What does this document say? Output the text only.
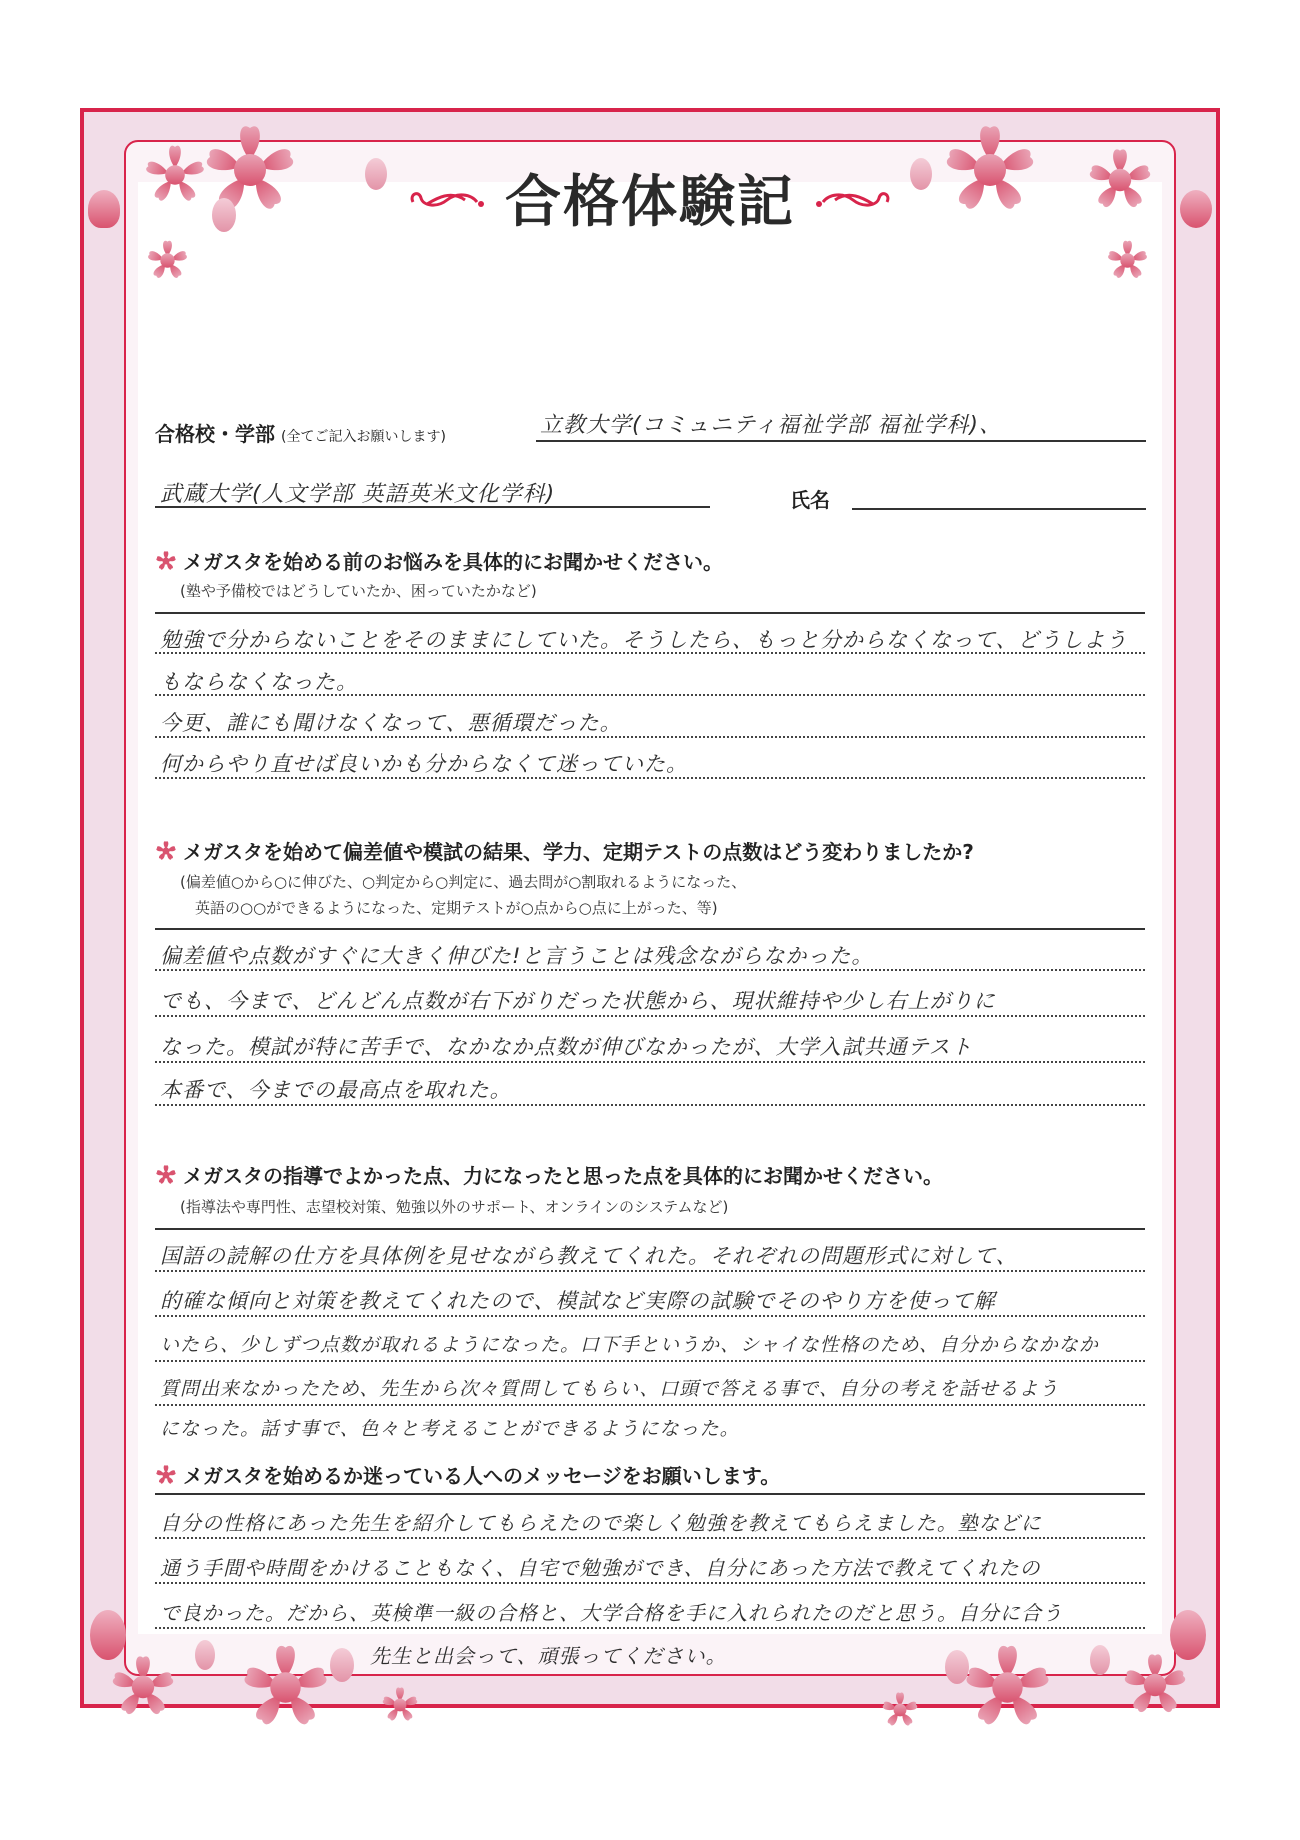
合格体験記
合格校・学部 (全てご記入お願いします)	立教大学(コミュニティ福祉学部 福祉学科)、
武蔵大学(人文学部 英語英米文化学科)	氏名
メガスタを始める前のお悩みを具体的にお聞かせください。
(塾や予備校ではどうしていたか、困っていたかなど)
勉強で分からないことをそのままにしていた。そうしたら、もっと分からなくなって、どうしよう
もならなくなった。
今更、誰にも聞けなくなって、悪循環だった。
何からやり直せば良いかも分からなくて迷っていた。
メガスタを始めて偏差値や模試の結果、学力、定期テストの点数はどう変わりましたか?
(偏差値○から○に伸びた、○判定から○判定に、過去問が○割取れるようになった、
英語の○○ができるようになった、定期テストが○点から○点に上がった、等)
偏差値や点数がすぐに大きく伸びた!と言うことは残念ながらなかった。
でも、今まで、どんどん点数が右下がりだった状態から、現状維持や少し右上がりに
なった。模試が特に苦手で、なかなか点数が伸びなかったが、大学入試共通テスト
本番で、今までの最高点を取れた。
メガスタの指導でよかった点、力になったと思った点を具体的にお聞かせください。
(指導法や専門性、志望校対策、勉強以外のサポート、オンラインのシステムなど)
国語の読解の仕方を具体例を見せながら教えてくれた。それぞれの問題形式に対して、
的確な傾向と対策を教えてくれたので、模試など実際の試験でそのやり方を使って解
いたら、少しずつ点数が取れるようになった。口下手というか、シャイな性格のため、自分からなかなか
質問出来なかったため、先生から次々質問してもらい、口頭で答える事で、自分の考えを話せるよう
になった。話す事で、色々と考えることができるようになった。
メガスタを始めるか迷っている人へのメッセージをお願いします。
自分の性格にあった先生を紹介してもらえたので楽しく勉強を教えてもらえました。塾などに
通う手間や時間をかけることもなく、自宅で勉強ができ、自分にあった方法で教えてくれたの
で良かった。だから、英検準一級の合格と、大学合格を手に入れられたのだと思う。自分に合う
先生と出会って、頑張ってください。
